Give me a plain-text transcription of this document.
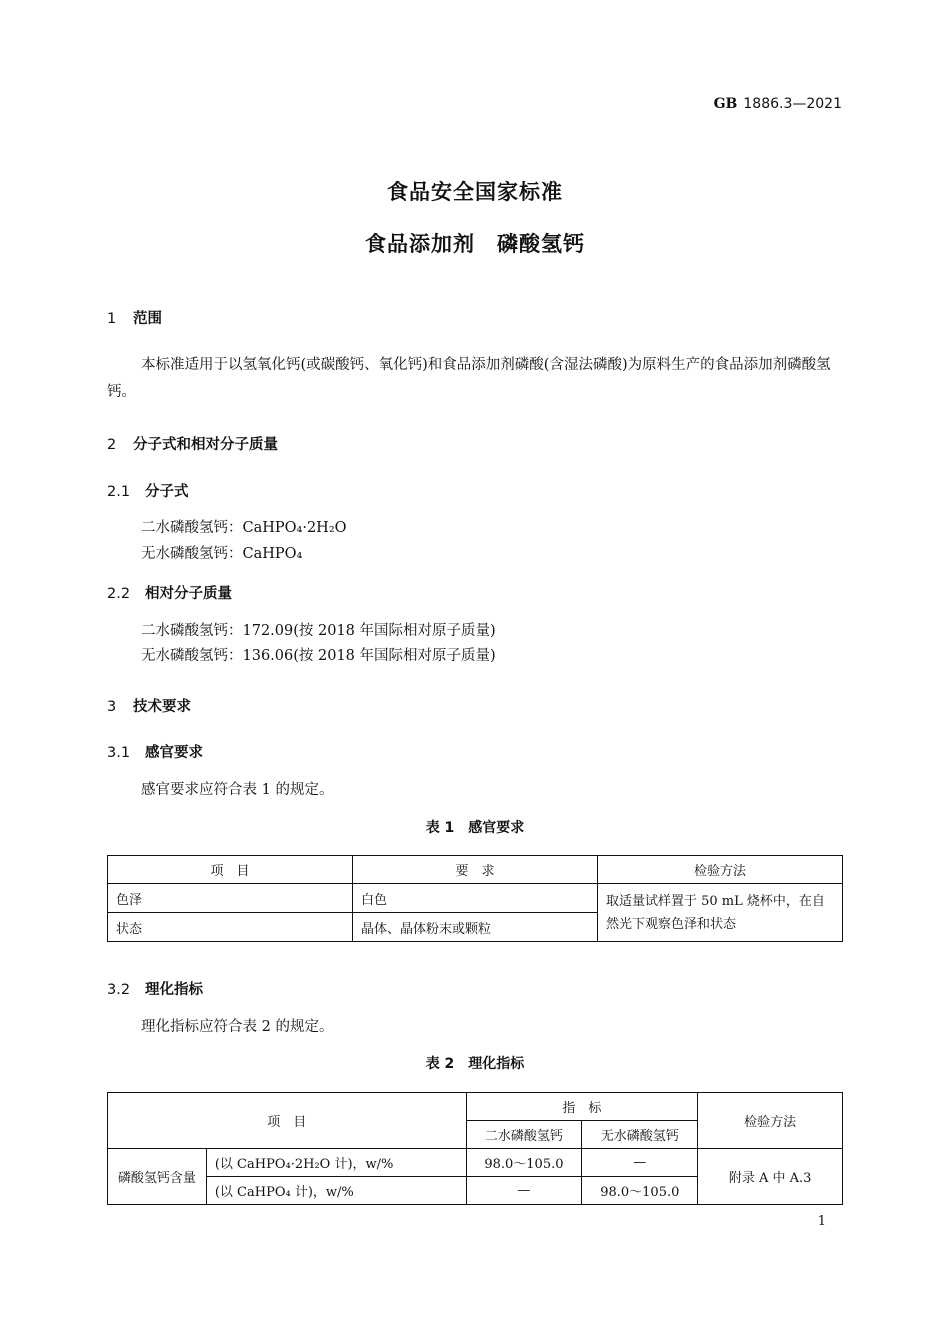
GB 1886.3—2021
食品安全国家标准
食品添加剂　磷酸氢钙
1 范围
本标准适用于以氢氧化钙(或碳酸钙、氧化钙)和食品添加剂磷酸(含湿法磷酸)为原料生产的食品添加剂磷酸氢钙。
2 分子式和相对分子质量
2.1 分子式
二水磷酸氢钙：CaHPO₄·2H₂O
无水磷酸氢钙：CaHPO₄
2.2 相对分子质量
二水磷酸氢钙：172.09(按 2018 年国际相对原子质量)
无水磷酸氢钙：136.06(按 2018 年国际相对原子质量)
3 技术要求
3.1 感官要求
感官要求应符合表 1 的规定。
表 1　感官要求
项　目	要　求	检验方法
色泽	白色	取适量试样置于 50 mL 烧杯中，在自然光下观察色泽和状态
状态	晶体、晶体粉末或颗粒	
3.2 理化指标
理化指标应符合表 2 的规定。
表 2　理化指标
项　目		指　标		检验方法
		二水磷酸氢钙	无水磷酸氢钙	
磷酸氢钙含量	(以 CaHPO₄·2H₂O 计)，w/%	98.0～105.0	—	附录 A 中 A.3
	(以 CaHPO₄ 计)，w/%	—	98.0～105.0	
1
